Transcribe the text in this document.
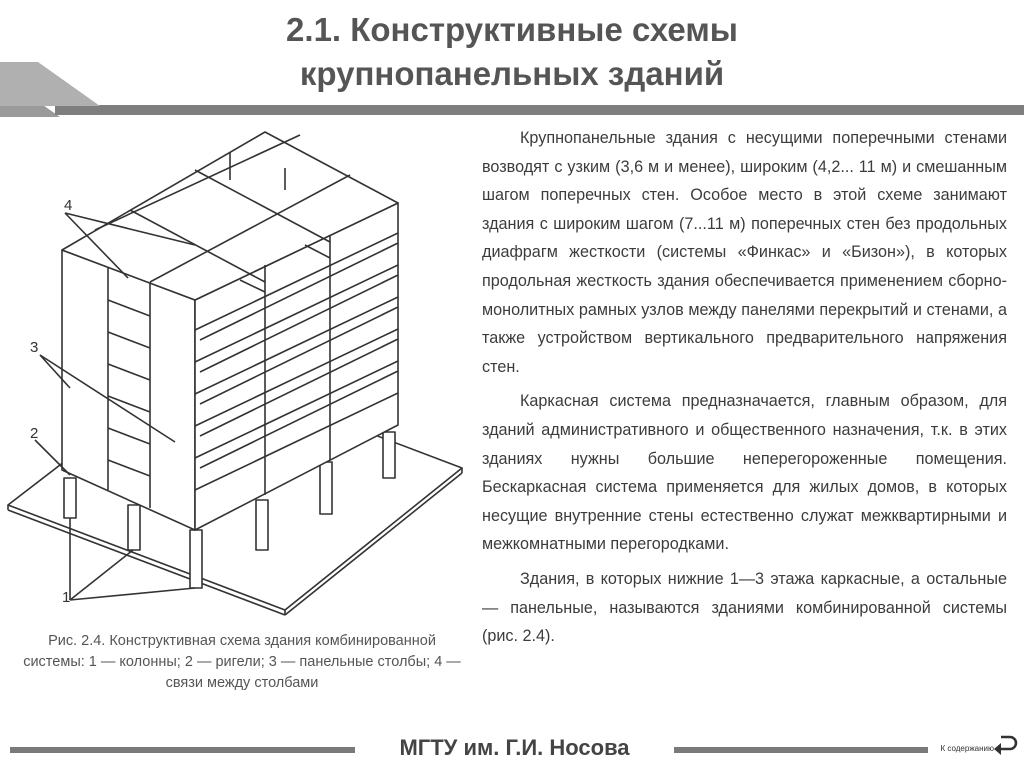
2.1. Конструктивные схемы
крупнопанельных зданий
4
3
2
1
Рис. 2.4. Конструктивная схема здания комбинированной системы: 1 — колонны; 2 — ригели; 3 — панельные столбы; 4 — связи между столбами

Крупнопанельные здания с несущими поперечными стенами возводят с узким (3,6 м и менее), широким (4,2... 11 м) и смешанным шагом поперечных стен. Особое место в этой схеме занимают здания с широким шагом (7...11 м) поперечных стен без продольных диафрагм жесткости (системы «Финкас» и «Бизон»), в которых продольная жесткость здания обеспечивается применением сборно-монолитных рамных узлов между панелями перекрытий и стенами, а также устройством вертикального предварительного напряжения стен.

Каркасная система предназначается, главным образом, для зданий административного и общественного назначения, т.к. в этих зданиях нужны большие неперегороженные помещения. Бескаркасная система применяется для жилых домов, в которых несущие внутренние стены естественно служат межквартирными и межкомнатными перегородками.

Здания, в которых нижние 1—3 этажа каркасные, а остальные — панельные, называются зданиями комбинированной системы (рис. 2.4).

МГТУ им. Г.И. Носова	К содержанию
